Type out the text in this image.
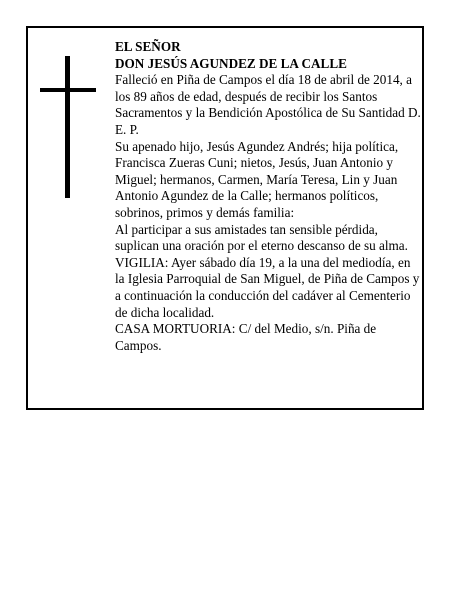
EL SEÑOR
DON JESÚS AGUNDEZ DE LA CALLE

Falleció en Piña de Campos el día 18 de abril de 2014, a los 89 años de edad, después de recibir los Santos Sacramentos y la Bendición Apostólica de Su Santidad D. E. P.

Su apenado hijo, Jesús Agundez Andrés; hija política, Francisca Zueras Cuni; nietos, Jesús, Juan Antonio y Miguel; hermanos, Carmen, María Teresa, Lin y Juan Antonio Agundez de la Calle; hermanos políticos, sobrinos, primos y demás familia:

Al participar a sus amistades tan sensible pérdida, suplican una oración por el eterno descanso de su alma.

VIGILIA: Ayer sábado día 19, a la una del mediodía, en la Iglesia Parroquial de San Miguel, de Piña de Campos y a continuación la conducción del cadáver al Cementerio de dicha localidad.

CASA MORTUORIA: C/ del Medio, s/n. Piña de Campos.
